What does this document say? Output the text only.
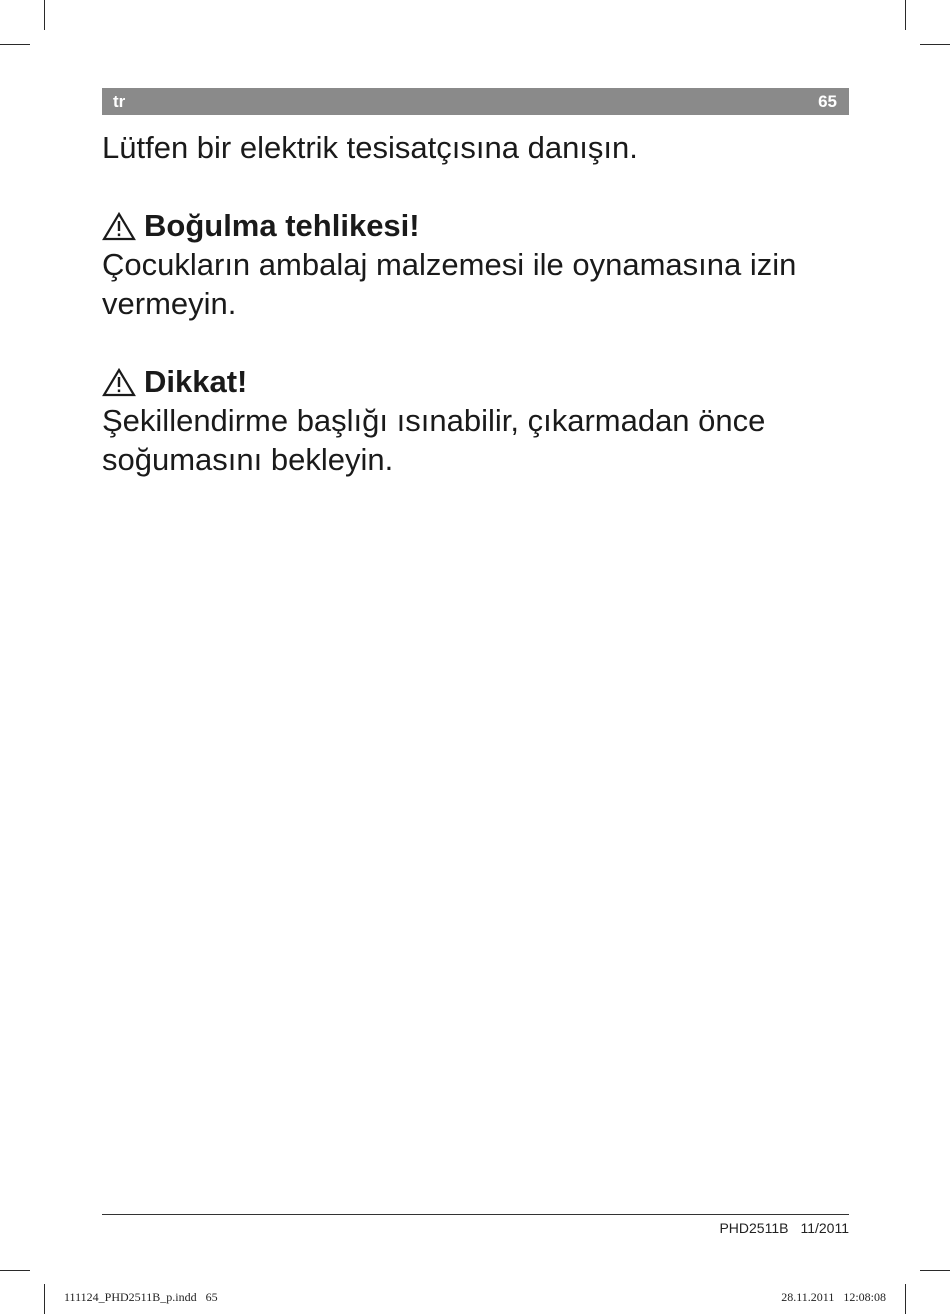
tr	65

Lütfen bir elektrik tesisatçısına danışın.

Boğulma tehlikesi!

Çocukların ambalaj malzemesi ile oynamasına izin

vermeyin.

Dikkat!

Şekillendirme başlığı ısınabilir, çıkarmadan önce

soğumasını bekleyin.

PHD2511B 11/2011
111124_PHD2511B_p.indd   65	28.11.2011   12:08:08
